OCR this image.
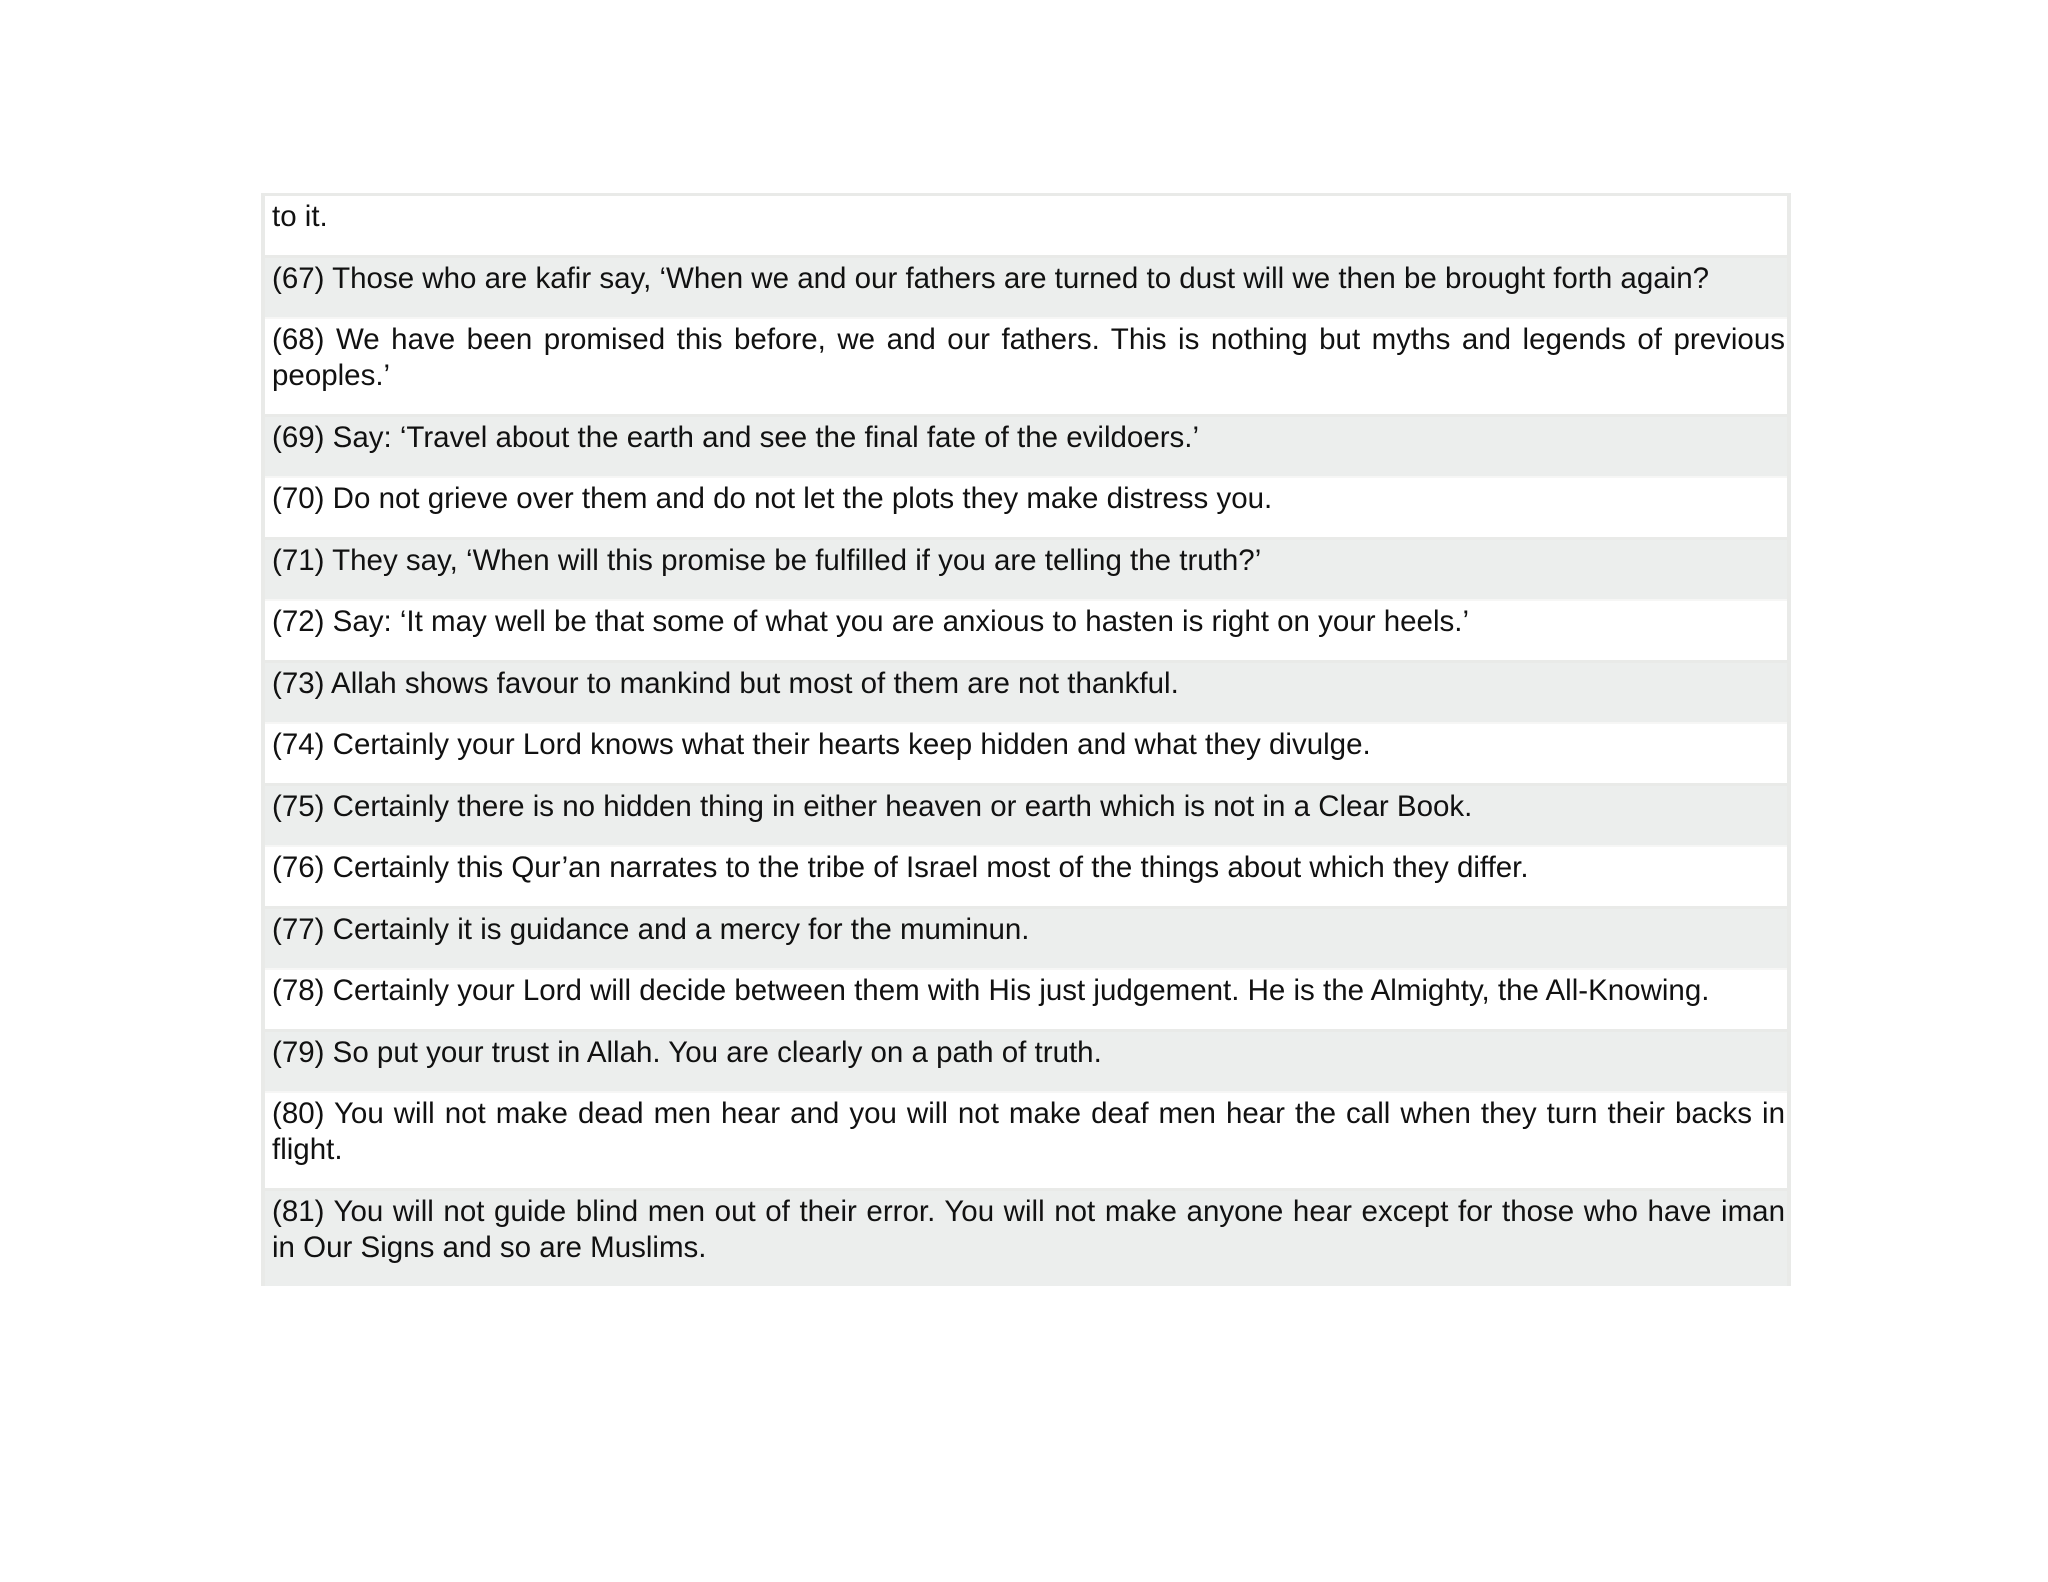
to it.
(67) Those who are kafir say, ‘When we and our fathers are turned to dust will we then be brought forth again?
(68) We have been promised this before, we and our fathers. This is nothing but myths and legends of previous peoples.’
(69) Say: ‘Travel about the earth and see the final fate of the evildoers.’
(70) Do not grieve over them and do not let the plots they make distress you.
(71) They say, ‘When will this promise be fulfilled if you are telling the truth?’
(72) Say: ‘It may well be that some of what you are anxious to hasten is right on your heels.’
(73) Allah shows favour to mankind but most of them are not thankful.
(74) Certainly your Lord knows what their hearts keep hidden and what they divulge.
(75) Certainly there is no hidden thing in either heaven or earth which is not in a Clear Book.
(76) Certainly this Qur’an narrates to the tribe of Israel most of the things about which they differ.
(77) Certainly it is guidance and a mercy for the muminun.
(78) Certainly your Lord will decide between them with His just judgement. He is the Almighty, the All-Knowing.
(79) So put your trust in Allah. You are clearly on a path of truth.
(80) You will not make dead men hear and you will not make deaf men hear the call when they turn their backs in flight.
(81) You will not guide blind men out of their error. You will not make anyone hear except for those who have iman in Our Signs and so are Muslims.
